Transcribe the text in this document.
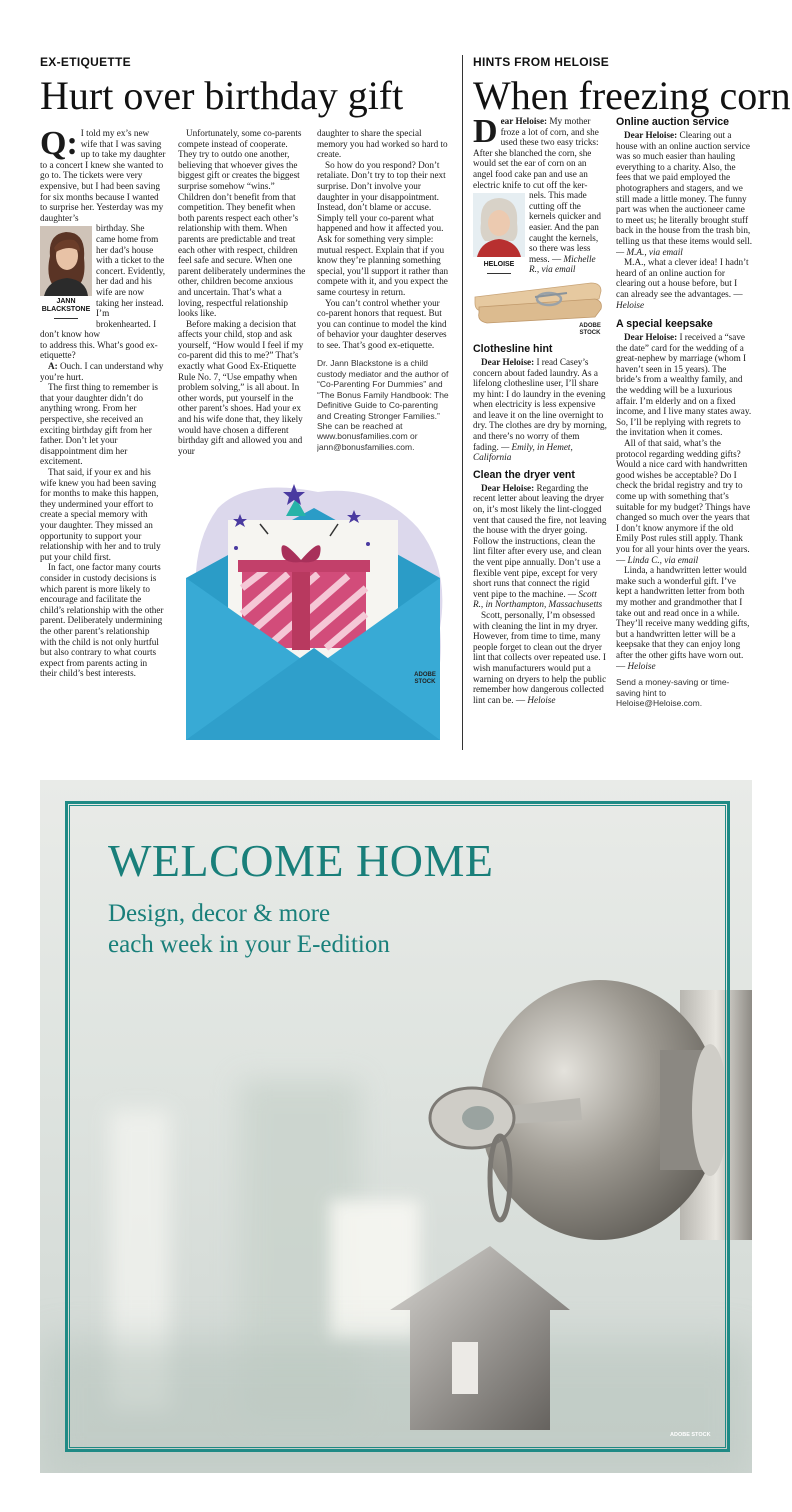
EX-ETIQUETTE
Hurt over birthday gift

Q: I told my ex’s new wife that I was saving up to take my daughter to a concert I knew she wanted to go to. The tickets were very expensive, but I had been saving for six months because I wanted to surprise her. Yesterday was my daughter’s

JANN BLACKSTONE

birthday. She came home from her dad’s house with a ticket to the concert. Evidently, her dad and his wife are now taking her instead. I’m brokenhearted. I don’t know how

to address this. What’s good ex-etiquette?

A: Ouch. I can understand why you’re hurt.

The first thing to remember is that your daughter didn’t do anything wrong. From her perspective, she received an exciting birthday gift from her father. Don’t let your disappointment dim her excitement.

That said, if your ex and his wife knew you had been saving for months to make this happen, they undermined your effort to create a special memory with your daughter. They missed an opportunity to support your relationship with her and to truly put your child first.

In fact, one factor many courts consider in custody decisions is which parent is more likely to encourage and facilitate the child’s relationship with the other parent. Deliberately undermining the other parent’s relationship with the child is not only hurtful but also contrary to what courts expect from parents acting in their child’s best interests.

Unfortunately, some co-parents compete instead of cooperate. They try to outdo one another, believing that whoever gives the biggest gift or creates the biggest surprise somehow “wins.” Children don’t benefit from that competition. They benefit when both parents respect each other’s relationship with them. When parents are predictable and treat each other with respect, children feel safe and secure. When one parent deliberately undermines the other, children become anxious and uncertain. That’s what a loving, respectful relationship looks like.

Before making a decision that affects your child, stop and ask yourself, “How would I feel if my co-parent did this to me?” That’s exactly what Good Ex-Etiquette Rule No. 7, “Use empathy when problem solving,” is all about. In other words, put yourself in the other parent’s shoes. Had your ex and his wife done that, they likely would have chosen a different birthday gift and allowed you and your

daughter to share the special memory you had worked so hard to create.

So how do you respond? Don’t retaliate. Don’t try to top their next surprise. Don’t involve your daughter in your disappointment. Instead, don’t blame or accuse. Simply tell your co-parent what happened and how it affected you. Ask for something very simple: mutual respect. Explain that if you know they’re planning something special, you’ll support it rather than compete with it, and you expect the same courtesy in return.

You can’t control whether your co-parent honors that request. But you can continue to model the kind of behavior your daughter deserves to see. That’s good ex-etiquette.

Dr. Jann Blackstone is a child custody mediator and the author of “Co-Parenting For Dummies” and “The Bonus Family Handbook: The Definitive Guide to Co-parenting and Creating Stronger Families.” She can be reached at www.bonusfamilies.com or jann@bonusfamilies.com.

ADOBE STOCK
HINTS FROM HELOISE
When freezing corn

Dear Heloise: My mother froze a lot of corn, and she used these two easy tricks: After she blanched the corn, she would set the ear of corn on an angel food cake pan and use an electric knife to cut off the ker-

HELOISE

nels. This made cutting off the kernels quicker and easier. And the pan caught the kernels, so there was less mess. — Michelle R., via email

ADOBE STOCK
Clothesline hint

Dear Heloise: I read Casey’s concern about faded laundry. As a lifelong clothesline user, I’ll share my hint: I do laundry in the evening when electricity is less expensive and leave it on the line overnight to dry. The clothes are dry by morning, and there’s no worry of them fading. — Emily, in Hemet, California

Clean the dryer vent

Dear Heloise: Regarding the recent letter about leaving the dryer on, it’s most likely the lint-clogged vent that caused the fire, not leaving the house with the dryer going. Follow the instructions, clean the lint filter after every use, and clean the vent pipe annually. Don’t use a flexible vent pipe, except for very short runs that connect the rigid vent pipe to the machine. — Scott R., in Northampton, Massachusetts

Scott, personally, I’m obsessed with cleaning the lint in my dryer. However, from time to time, many people forget to clean out the dryer lint that collects over repeated use. I wish manufacturers would put a warning on dryers to help the public remember how dangerous collected lint can be. — Heloise

Online auction service

Dear Heloise: Clearing out a house with an online auction service was so much easier than hauling everything to a charity. Also, the fees that we paid employed the photographers and stagers, and we still made a little money. The funny part was when the auctioneer came to meet us; he literally brought stuff back in the house from the trash bin, telling us that these items would sell. — M.A., via email

M.A., what a clever idea! I hadn’t heard of an online auction for clearing out a house before, but I can already see the advantages. — Heloise

A special keepsake

Dear Heloise: I received a “save the date” card for the wedding of a great-nephew by marriage (whom I haven’t seen in 15 years). The bride’s from a wealthy family, and the wedding will be a luxurious affair. I’m elderly and on a fixed income, and I live many states away. So, I’ll be replying with regrets to the invitation when it comes.

All of that said, what’s the protocol regarding wedding gifts? Would a nice card with handwritten good wishes be acceptable? Do I check the bridal registry and try to come up with something that’s suitable for my budget? Things have changed so much over the years that I don’t know anymore if the old Emily Post rules still apply. Thank you for all your hints over the years. — Linda C., via email

Linda, a handwritten letter would make such a wonderful gift. I’ve kept a handwritten letter from both my mother and grandmother that I take out and read once in a while. They’ll receive many wedding gifts, but a handwritten letter will be a keepsake that they can enjoy long after the other gifts have worn out. — Heloise

Send a money-saving or time-saving hint to Heloise@Heloise.com.

WELCOME HOME
Design, decor & more
each week in your E-edition
ADOBE STOCK
